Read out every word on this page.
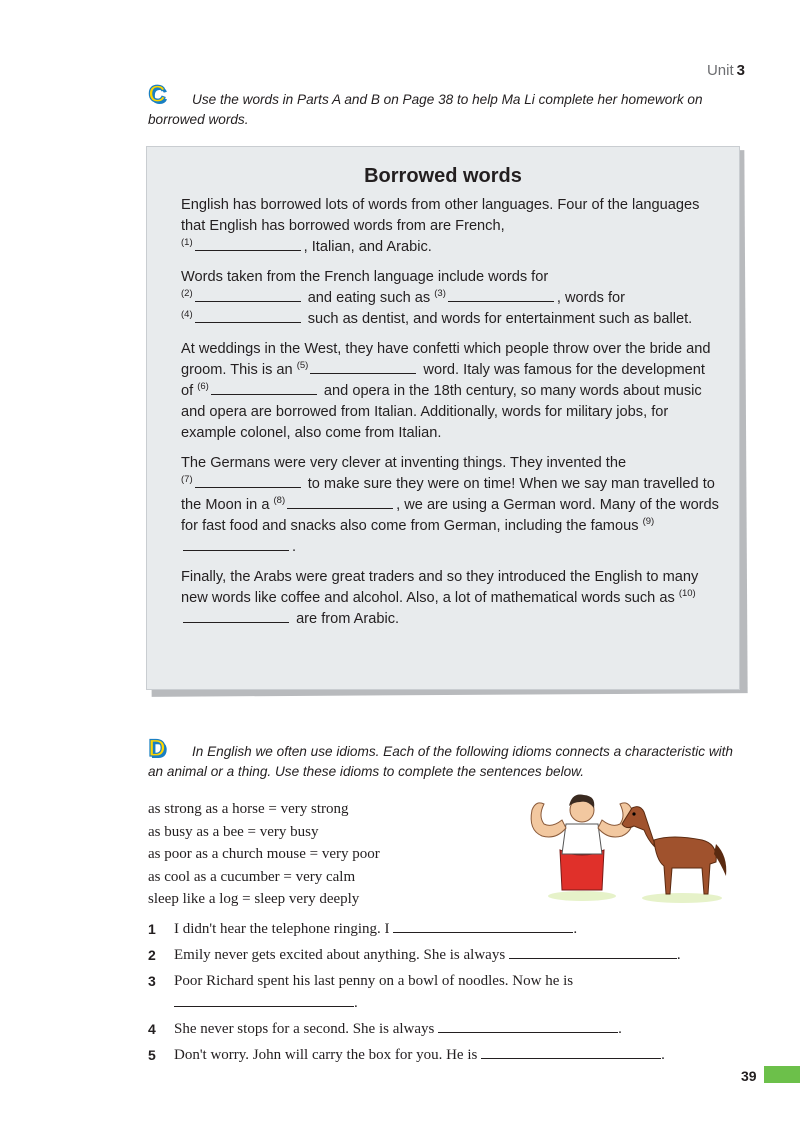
Unit 3
C	Use the words in Parts A and B on Page 38 to help Ma Li complete her homework on borrowed words.

Borrowed words

English has borrowed lots of words from other languages. Four of the languages that English has borrowed words from are French,
$^{(1)}$	, Italian, and Arabic.

Words taken from the French language include words for
$^{(2)}$	and eating such as $^{(3)}$	, words for
$^{(4)}$	such as dentist, and words for entertainment such as ballet.

At weddings in the West, they have confetti which people throw over the bride and groom. This is an $^{(5)}$	word. Italy was famous for the development of $^{(6)}$	and opera in the 18th century, so many words about music and opera are borrowed from Italian. Additionally, words for military jobs, for example colonel, also come from Italian.

The Germans were very clever at inventing things. They invented the
$^{(7)}$	to make sure they were on time! When we say man travelled to the Moon in a $^{(8)}$	, we are using a German word. Many of the words for fast food and snacks also come from German, including the famous $^{(9)}$.

Finally, the Arabs were great traders and so they introduced the English to many new words like coffee and alcohol. Also, a lot of mathematical words such as $^{(10)}$ are from Arabic.

D	In English we often use idioms. Each of the following idioms connects a characteristic with an animal or a thing. Use these idioms to complete the sentences below.

as strong as a horse = very strong
as busy as a bee = very busy
as poor as a church mouse = very poor
as cool as a cucumber = very calm
sleep like a log = sleep very deeply
1 I didn't hear the telephone ringing. I	.
2 Emily never gets excited about anything. She is always	.
3 Poor Richard spent his last penny on a bowl of noodles. Now he is
.
4 She never stops for a second. She is always	.
5 Don't worry. John will carry the box for you. He is	.
39
